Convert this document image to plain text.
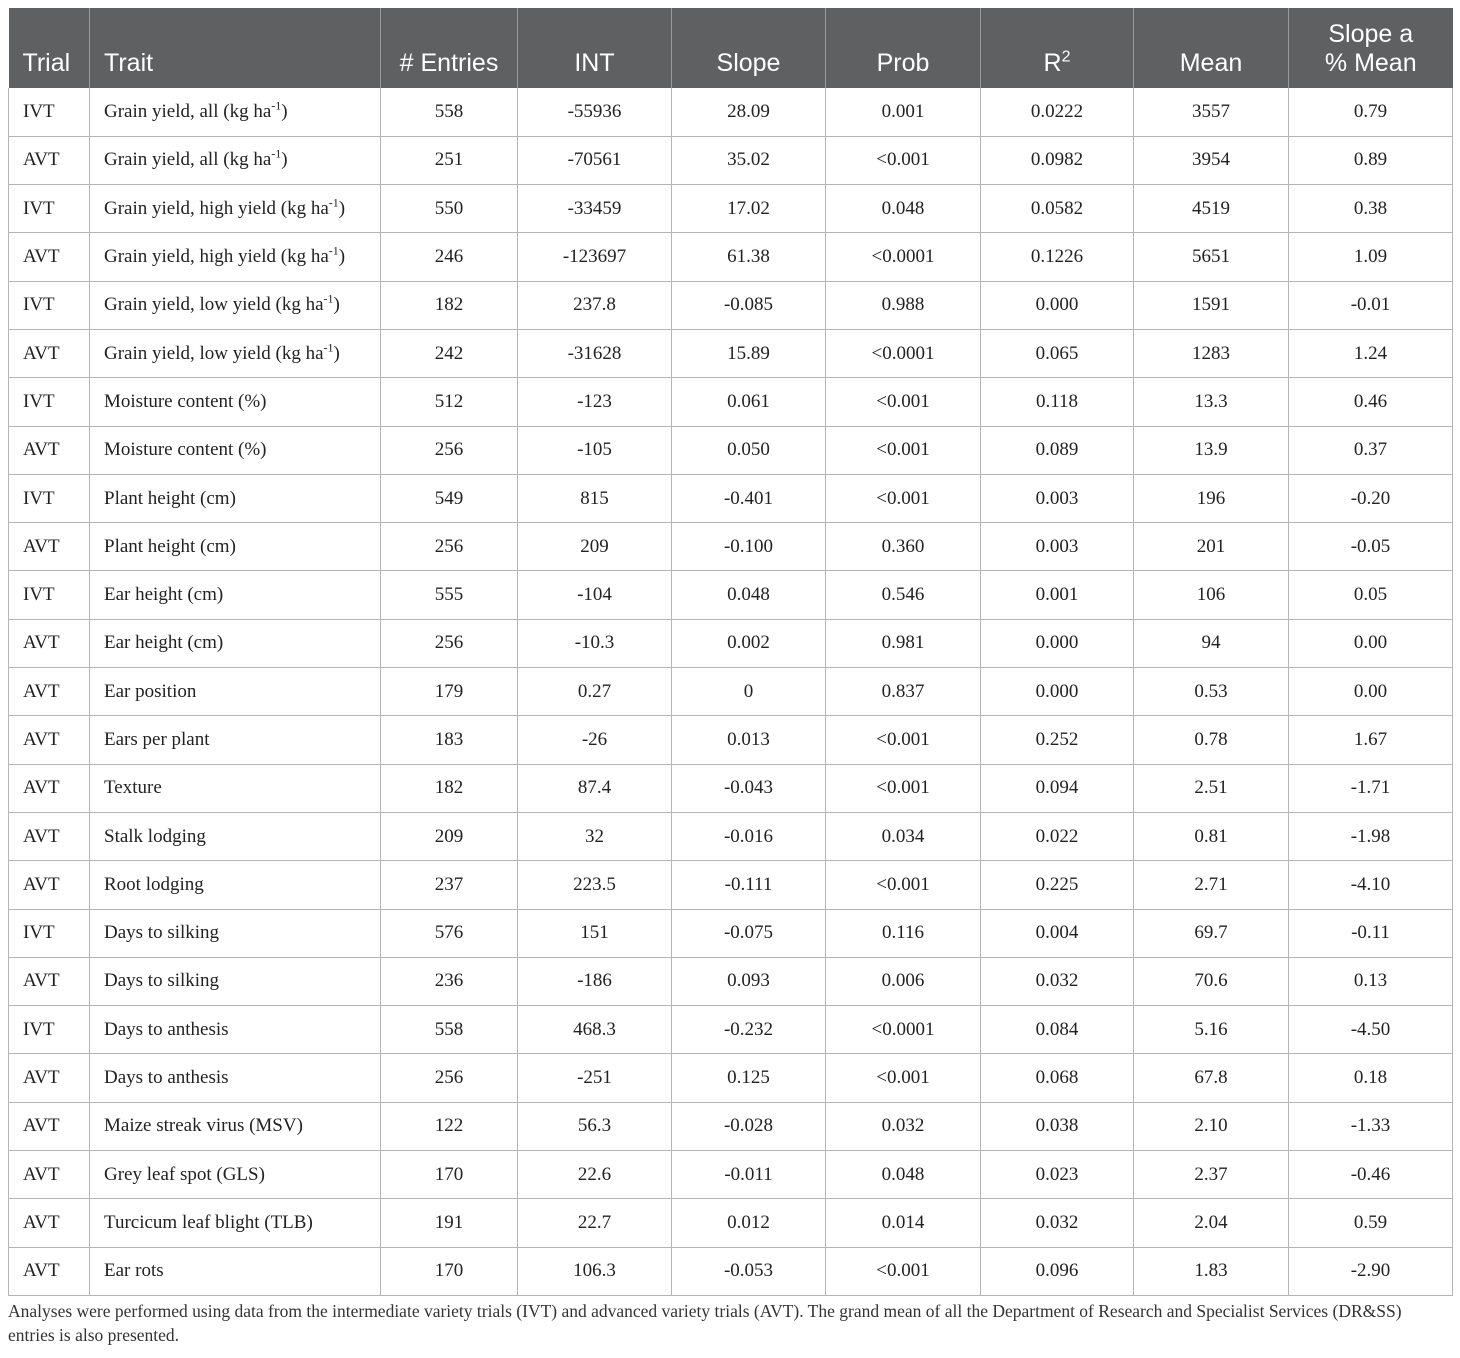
Trial	Trait	# Entries	INT	Slope	Prob	$R^2$	Mean	Slope a
% Mean
IVT	Grain yield, all (kg $ha^{-1}$)	558	-55936	28.09	0.001	0.0222	3557	0.79
AVT	Grain yield, all (kg $ha^{-1}$)	251	-70561	35.02	<0.001	0.0982	3954	0.89
IVT	Grain yield, high yield (kg $ha^{-1}$)	550	-33459	17.02	0.048	0.0582	4519	0.38
AVT	Grain yield, high yield (kg $ha^{-1}$)	246	-123697	61.38	<0.0001	0.1226	5651	1.09
IVT	Grain yield, low yield (kg $ha^{-1}$)	182	237.8	-0.085	0.988	0.000	1591	-0.01
AVT	Grain yield, low yield (kg $ha^{-1}$)	242	-31628	15.89	<0.0001	0.065	1283	1.24
IVT	Moisture content (%)	512	-123	0.061	<0.001	0.118	13.3	0.46
AVT	Moisture content (%)	256	-105	0.050	<0.001	0.089	13.9	0.37
IVT	Plant height (cm)	549	815	-0.401	<0.001	0.003	196	-0.20
AVT	Plant height (cm)	256	209	-0.100	0.360	0.003	201	-0.05
IVT	Ear height (cm)	555	-104	0.048	0.546	0.001	106	0.05
AVT	Ear height (cm)	256	-10.3	0.002	0.981	0.000	94	0.00
AVT	Ear position	179	0.27	0	0.837	0.000	0.53	0.00
AVT	Ears per plant	183	-26	0.013	<0.001	0.252	0.78	1.67
AVT	Texture	182	87.4	-0.043	<0.001	0.094	2.51	-1.71
AVT	Stalk lodging	209	32	-0.016	0.034	0.022	0.81	-1.98
AVT	Root lodging	237	223.5	-0.111	<0.001	0.225	2.71	-4.10
IVT	Days to silking	576	151	-0.075	0.116	0.004	69.7	-0.11
AVT	Days to silking	236	-186	0.093	0.006	0.032	70.6	0.13
IVT	Days to anthesis	558	468.3	-0.232	<0.0001	0.084	5.16	-4.50
AVT	Days to anthesis	256	-251	0.125	<0.001	0.068	67.8	0.18
AVT	Maize streak virus (MSV)	122	56.3	-0.028	0.032	0.038	2.10	-1.33
AVT	Grey leaf spot (GLS)	170	22.6	-0.011	0.048	0.023	2.37	-0.46
AVT	Turcicum leaf blight (TLB)	191	22.7	0.012	0.014	0.032	2.04	0.59
AVT	Ear rots	170	106.3	-0.053	<0.001	0.096	1.83	-2.90
Analyses were performed using data from the intermediate variety trials (IVT) and advanced variety trials (AVT). The grand mean of all the Department of Research and Specialist Services (DR&SS) entries is also presented.
